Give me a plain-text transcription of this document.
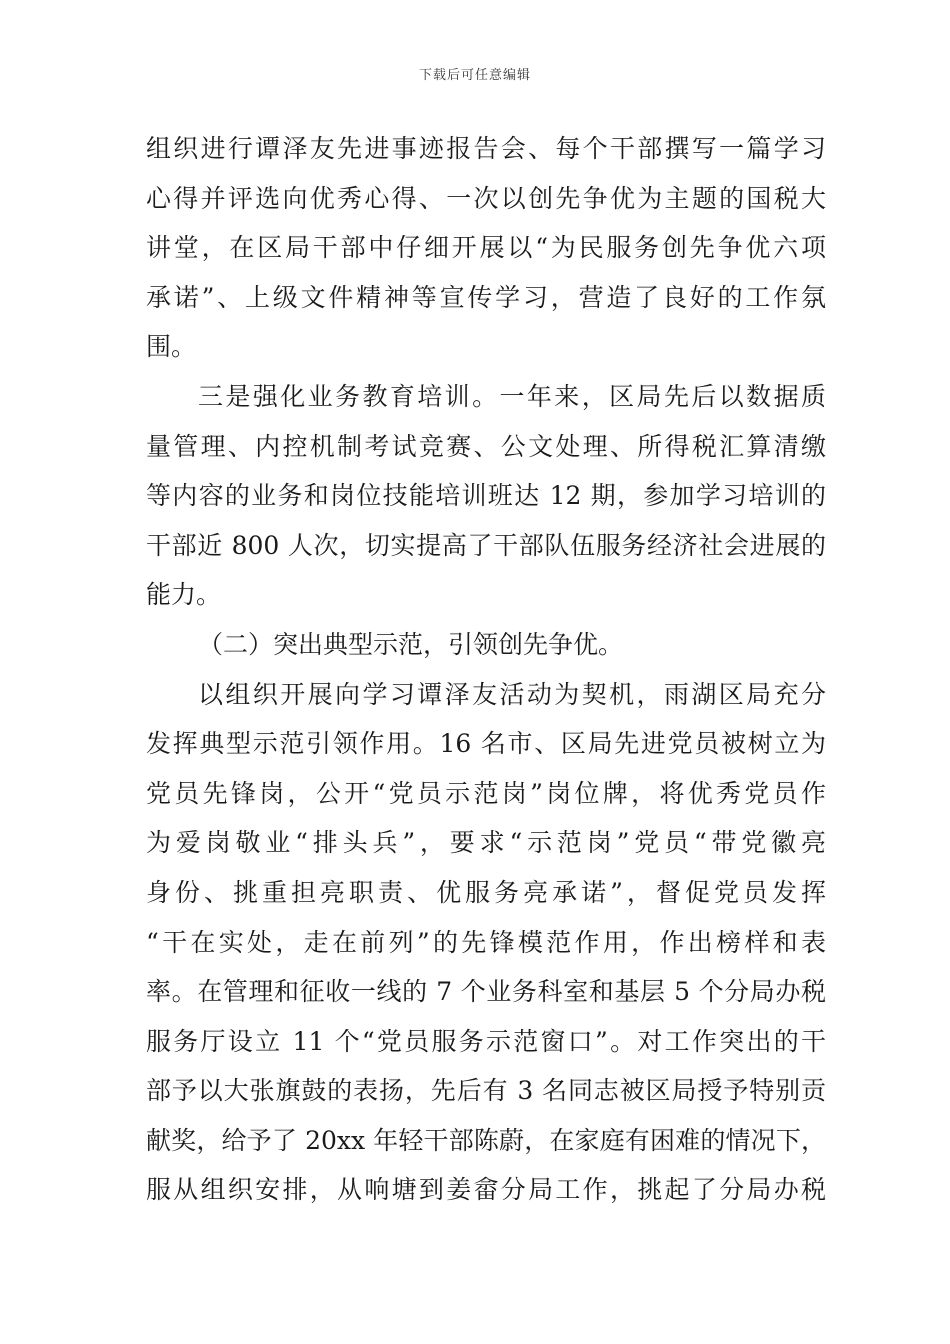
下载后可任意编辑
组织进行谭泽友先进事迹报告会、每个干部撰写一篇学习
心得并评选向优秀心得、一次以创先争优为主题的国税大
讲堂，在区局干部中仔细开展以“为民服务创先争优六项
承诺”、上级文件精神等宣传学习，营造了良好的工作氛
围。
三是强化业务教育培训。一年来，区局先后以数据质
量管理、内控机制考试竞赛、公文处理、所得税汇算清缴
等内容的业务和岗位技能培训班达 12 期，参加学习培训的
干部近 800 人次，切实提高了干部队伍服务经济社会进展的
能力。
（二）突出典型示范，引领创先争优。
以组织开展向学习谭泽友活动为契机，雨湖区局充分
发挥典型示范引领作用。16 名市、区局先进党员被树立为
党员先锋岗，公开“党员示范岗”岗位牌，将优秀党员作
为爱岗敬业“排头兵”，要求“示范岗”党员“带党徽亮
身份、挑重担亮职责、优服务亮承诺”，督促党员发挥
“干在实处，走在前列”的先锋模范作用，作出榜样和表
率。在管理和征收一线的 7 个业务科室和基层 5 个分局办税
服务厅设立 11 个“党员服务示范窗口”。对工作突出的干
部予以大张旗鼓的表扬，先后有 3 名同志被区局授予特别贡
献奖，给予了 20xx 年轻干部陈蔚，在家庭有困难的情况下，
服从组织安排，从响塘到姜畲分局工作，挑起了分局办税
